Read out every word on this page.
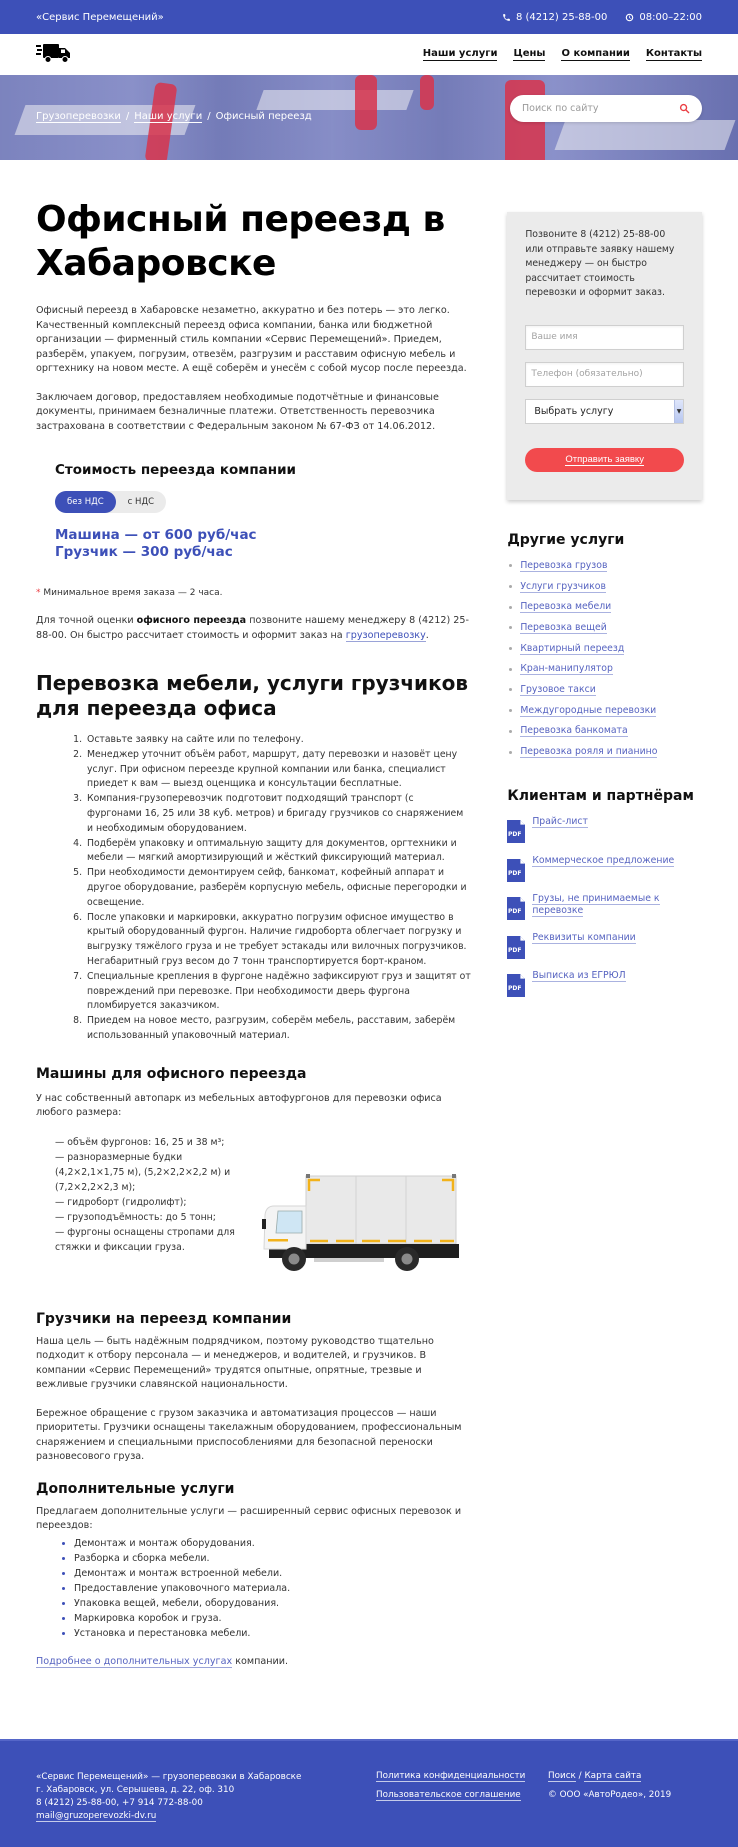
«Сервис Перемещений»	8 (4212) 25-88-00	08:00–22:00
Наши услуги Цены О компании Контакты
Грузоперевозки / Наши услуги / Офисный переезд
Поиск по сайту
Офисный переезд в Хабаровске

Офисный переезд в Хабаровске незаметно, аккуратно и без потерь — это легко. Качественный комплексный переезд офиса компании, банка или бюджетной организации — фирменный стиль компании «Сервис Перемещений». Приедем, разберём, упакуем, погрузим, отвезём, разгрузим и расставим офисную мебель и оргтехнику на новом месте. А ещё соберём и унесём с собой мусор после переезда.

Заключаем договор, предоставляем необходимые подотчётные и финансовые документы, принимаем безналичные платежи. Ответственность перевозчика застрахована в соответствии с Федеральным законом № 67-ФЗ от 14.06.2012.

Стоимость переезда компании
без НДС	с НДС
Машина — от 600 руб/час
Грузчик — 300 руб/час

* Минимальное время заказа — 2 часа.

Для точной оценки офисного переезда позвоните нашему менеджеру 8 (4212) 25-88-00. Он быстро рассчитает стоимость и оформит заказ на грузоперевозку.

Перевозка мебели, услуги грузчиков для переезда офиса
1. Оставьте заявку на сайте или по телефону.
2. Менеджер уточнит объём работ, маршрут, дату перевозки и назовёт цену услуг. При офисном переезде крупной компании или банка, специалист приедет к вам — выезд оценщика и консультации бесплатные.
3. Компания-грузоперевозчик подготовит подходящий транспорт (с фургонами 16, 25 или 38 куб. метров) и бригаду грузчиков со снаряжением и необходимым оборудованием.
4. Подберём упаковку и оптимальную защиту для документов, оргтехники и мебели — мягкий амортизирующий и жёсткий фиксирующий материал.
5. При необходимости демонтируем сейф, банкомат, кофейный аппарат и другое оборудование, разберём корпусную мебель, офисные перегородки и освещение.
6. После упаковки и маркировки, аккуратно погрузим офисное имущество в крытый оборудованный фургон. Наличие гидроборта облегчает погрузку и выгрузку тяжёлого груза и не требует эстакады или вилочных погрузчиков. Негабаритный груз весом до 7 тонн транспортируется борт-краном.
7. Специальные крепления в фургоне надёжно зафиксируют груз и защитят от повреждений при перевозке. При необходимости дверь фургона пломбируется заказчиком.
8. Приедем на новое место, разгрузим, соберём мебель, расставим, заберём использованный упаковочный материал.
Машины для офисного переезда

У нас собственный автопарк из мебельных автофургонов для перевозки офиса любого размера:

— объём фургонов: 16, 25 и 38 м³;
— разноразмерные будки (4,2×2,1×1,75 м), (5,2×2,2×2,2 м) и (7,2×2,2×2,3 м);
— гидроборт (гидролифт);
— грузоподъёмность: до 5 тонн;
— фургоны оснащены стропами для стяжки и фиксации груза.
Грузчики на переезд компании

Наша цель — быть надёжным подрядчиком, поэтому руководство тщательно подходит к отбору персонала — и менеджеров, и водителей, и грузчиков. В компании «Сервис Перемещений» трудятся опытные, опрятные, трезвые и вежливые грузчики славянской национальности.

Бережное обращение с грузом заказчика и автоматизация процессов — наши приоритеты. Грузчики оснащены такелажным оборудованием, профессиональным снаряжением и специальными приспособлениями для безопасной переноски разновесового груза.

Дополнительные услуги

Предлагаем дополнительные услуги — расширенный сервис офисных перевозок и переездов:

• Демонтаж и монтаж оборудования.
• Разборка и сборка мебели.
• Демонтаж и монтаж встроенной мебели.
• Предоставление упаковочного материала.
• Упаковка вещей, мебели, оборудования.
• Маркировка коробок и груза.
• Установка и перестановка мебели.

Подробнее о дополнительных услугах компании.

Позвоните 8 (4212) 25-88-00 или отправьте заявку нашему менеджеру — он быстро рассчитает стоимость перевозки и оформит заказ.

Ваше имя
Телефон (обязательно)
Выбрать услугу	▼
Отправить заявку
Другие услуги
Перевозка грузов
Услуги грузчиков
Перевозка мебели
Перевозка вещей
Квартирный переезд
Кран-манипулятор
Грузовое такси
Междугородные перевозки
Перевозка банкомата
Перевозка рояля и пианино
Клиентам и партнёрам
PDF
Прайс-лист
PDF
Коммерческое предложение
PDF
Грузы, не принимаемые к перевозке
PDF
Реквизиты компании
PDF
Выписка из ЕГРЮЛ
«Сервис Перемещений» — грузоперевозки в Хабаровске
г. Хабаровск, ул. Серышева, д. 22, оф. 310
8 (4212) 25-88-00, +7 914 772-88-00
mail@gruzoperevozki-dv.ru
Политика конфиденциальности
Пользовательское соглашение
Поиск / Карта сайта
© ООО «АвтоРодео», 2019
